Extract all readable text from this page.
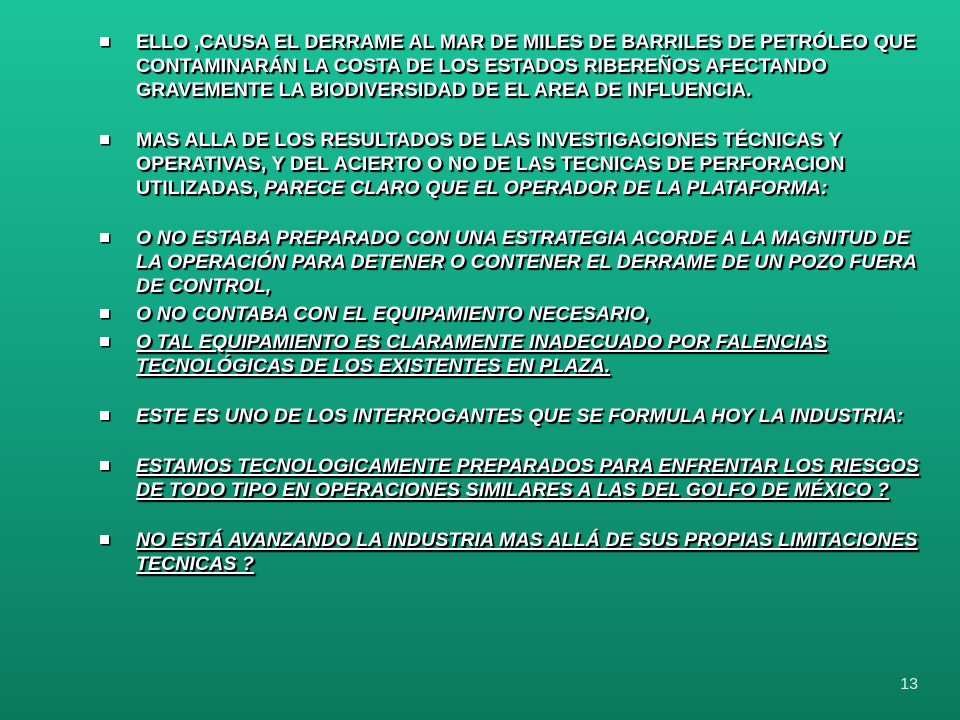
ELLO ,CAUSA EL DERRAME AL MAR DE MILES DE BARRILES DE PETRÓLEO QUE CONTAMINARÁN LA COSTA DE LOS ESTADOS RIBEREÑOS AFECTANDO GRAVEMENTE LA BIODIVERSIDAD DE EL AREA DE INFLUENCIA.
MAS ALLA DE LOS RESULTADOS DE LAS INVESTIGACIONES TÉCNICAS Y OPERATIVAS, Y DEL ACIERTO O NO DE LAS TECNICAS DE PERFORACION UTILIZADAS, PARECE CLARO QUE EL OPERADOR DE LA PLATAFORMA:
O NO ESTABA PREPARADO CON UNA ESTRATEGIA ACORDE A LA MAGNITUD DE LA OPERACIÓN PARA DETENER O CONTENER EL DERRAME DE UN POZO FUERA DE CONTROL,
O NO CONTABA CON EL EQUIPAMIENTO NECESARIO,
O TAL EQUIPAMIENTO ES CLARAMENTE INADECUADO POR FALENCIAS TECNOLÓGICAS DE LOS EXISTENTES EN PLAZA.
ESTE ES UNO DE LOS INTERROGANTES QUE SE FORMULA HOY LA INDUSTRIA:
ESTAMOS TECNOLOGICAMENTE PREPARADOS PARA ENFRENTAR LOS RIESGOS DE TODO TIPO EN OPERACIONES SIMILARES A LAS DEL GOLFO DE MÉXICO ?
NO ESTÁ AVANZANDO LA INDUSTRIA MAS ALLÁ DE SUS PROPIAS LIMITACIONES TECNICAS ?
13
